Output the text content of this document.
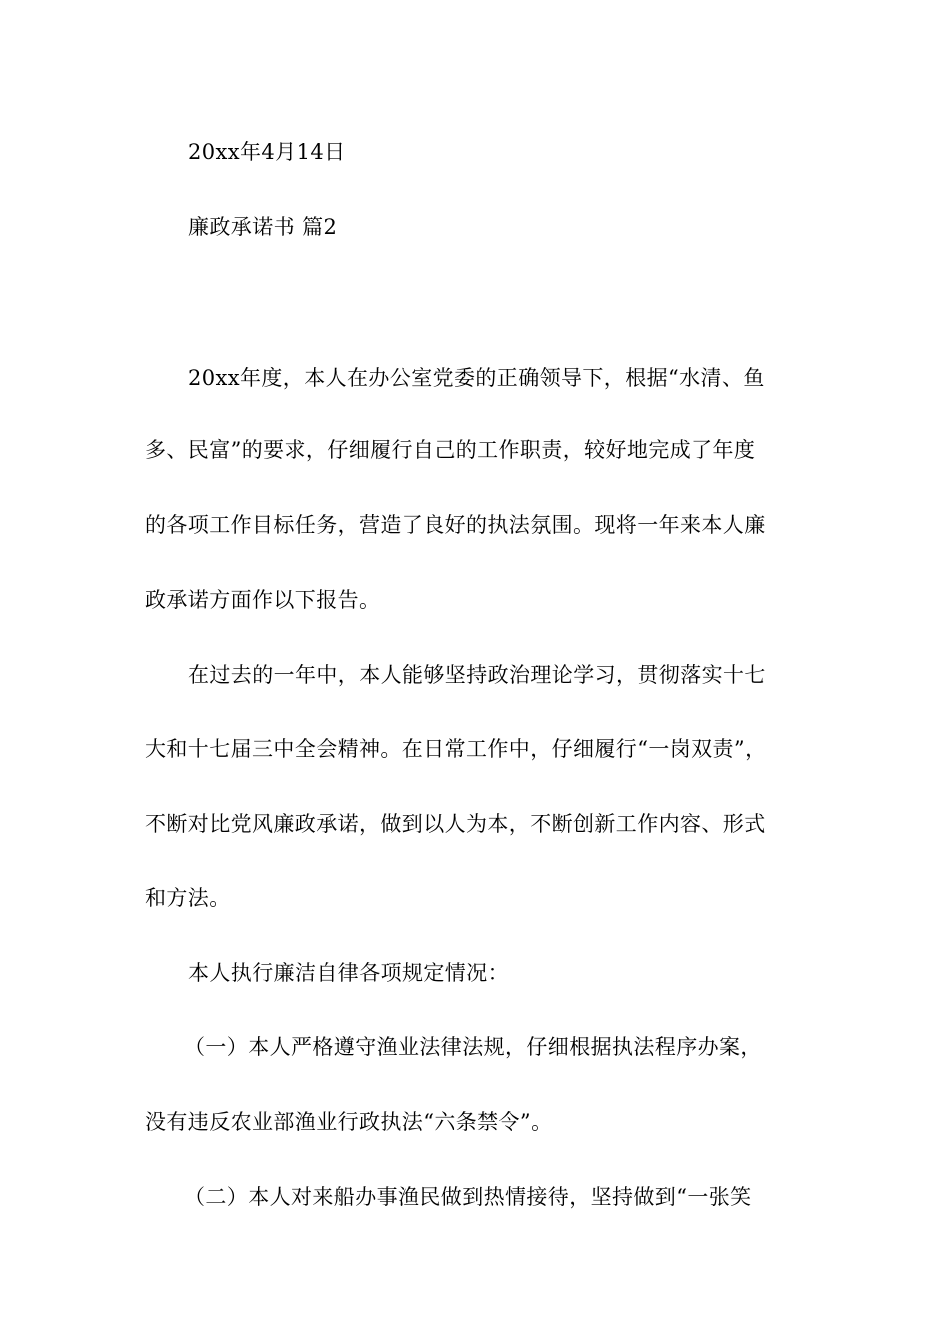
20xx年4月14日
廉政承诺书 篇2
20xx年度，本人在办公室党委的正确领导下，根据“水清、鱼
多、民富”的要求，仔细履行自己的工作职责，较好地完成了年度
的各项工作目标任务，营造了良好的执法氛围。现将一年来本人廉
政承诺方面作以下报告。
在过去的一年中，本人能够坚持政治理论学习，贯彻落实十七
大和十七届三中全会精神。在日常工作中，仔细履行“一岗双责”，
不断对比党风廉政承诺，做到以人为本，不断创新工作内容、形式
和方法。
本人执行廉洁自律各项规定情况：
（一）本人严格遵守渔业法律法规，仔细根据执法程序办案，
没有违反农业部渔业行政执法“六条禁令”。
（二）本人对来船办事渔民做到热情接待，坚持做到“一张笑
